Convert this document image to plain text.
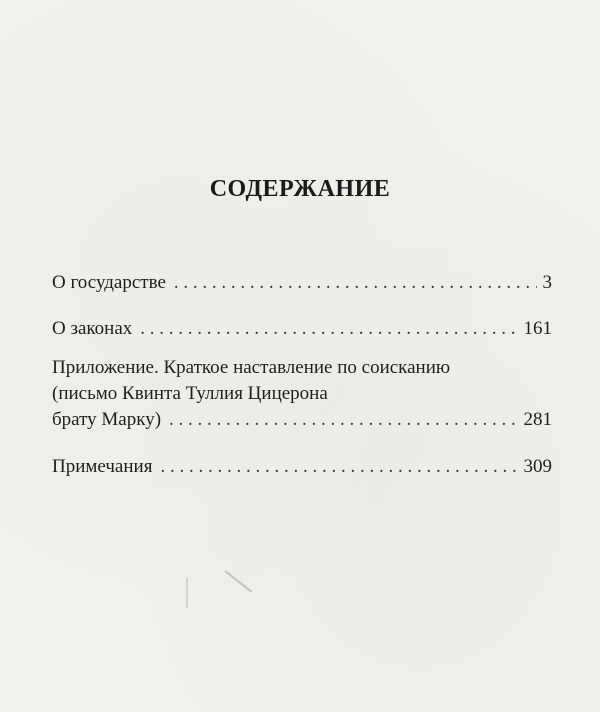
СОДЕРЖАНИЕ
О государстве . . .	3
О законах . . .	161
Приложение. Краткое наставление по соисканию
(письмо Квинта Туллия Цицерона
брату Марку) . . .	281
Примечания . . .	309
